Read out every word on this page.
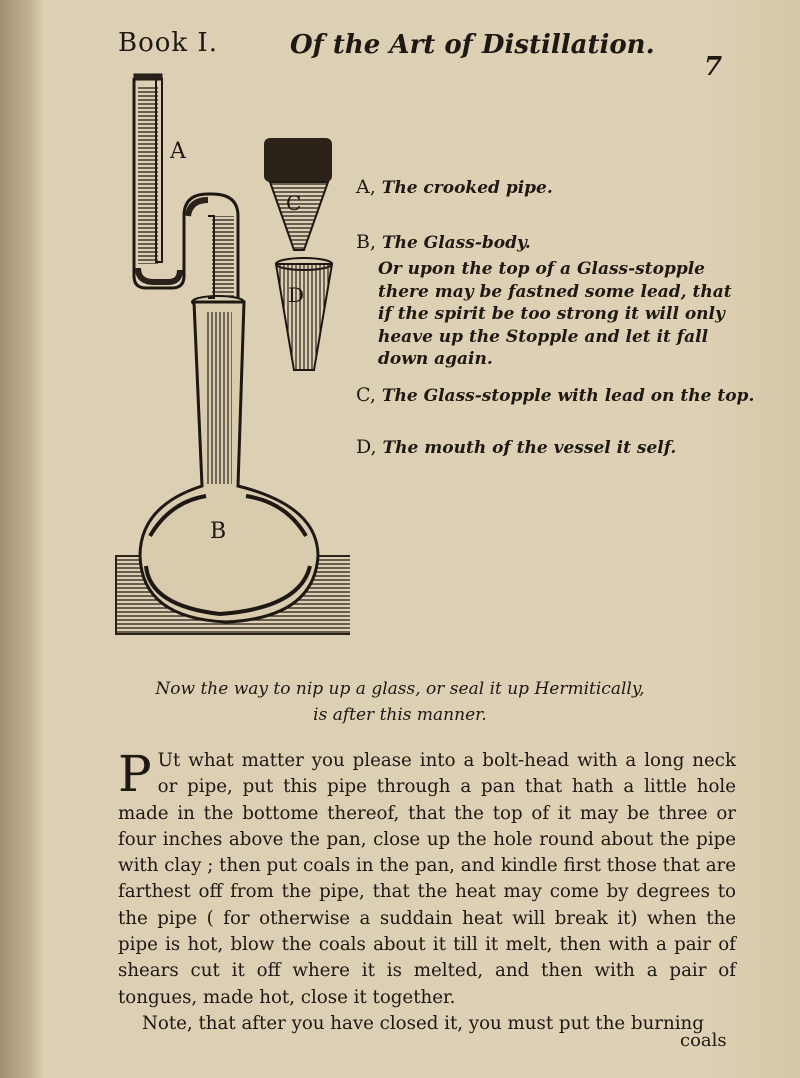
Book I.	Of the Art of Distillation.
7
A
C
D
B
A, The crooked pipe.
B, The Glass-body.
Or upon the top of a Glass-stopple there may be fastned some lead, that if the spirit be too strong it will only heave up the Stopple and let it fall down again.
C, The Glass-stopple with lead on the top.
D, The mouth of the vessel it self.
Now the way to nip up a glass, or seal it up Hermitically,
is after this manner.

P Ut what matter you please into a bolt-head with a long neck or pipe, put this pipe through a pan that hath a little hole made in the bottome thereof, that the top of it may be three or four inches above the pan, close up the hole round about the pipe with clay ; then put coals in the pan, and kindle first those that are farthest off from the pipe, that the heat may come by degrees to the pipe ( for otherwise a suddain heat will break it) when the pipe is hot, blow the coals about it till it melt, then with a pair of shears cut it off where it is melted, and then with a pair of tongues, made hot, close it together.

Note, that after you have closed it, you must put the burning

coals
